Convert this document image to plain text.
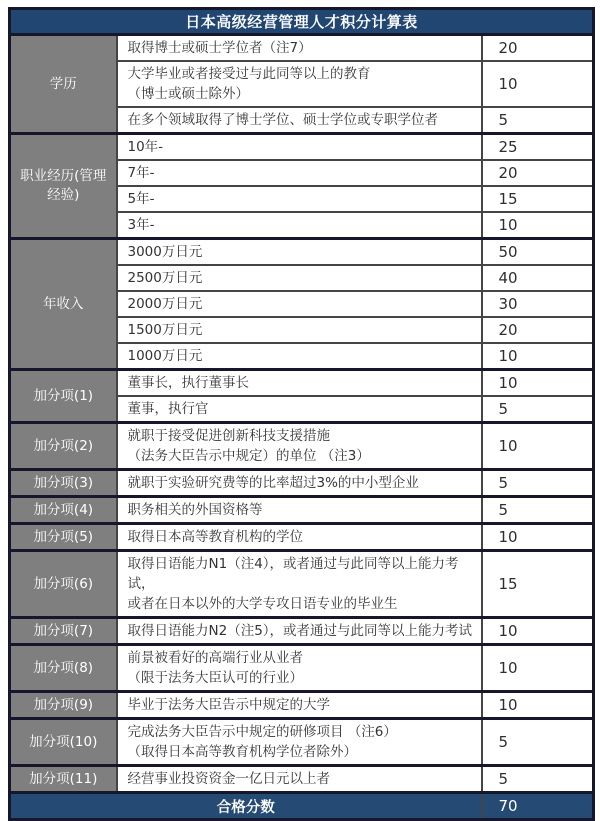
日本高级经营管理人才积分计算表		
学历	取得博士或硕士学位者（注7）	20

	大学毕业或者接受过与此同等以上的教育
（博士或硕士除外）	10

	在多个领域取得了博士学位、硕士学位或专职学位者	5
职业经历(管理经验)	10年-	25

	7年-	20

	5年-	15

	3年-	10
年收入	3000万日元	50

	2500万日元	40

	2000万日元	30

	1500万日元	20

	1000万日元	10
加分项(1)	董事长，执行董事长	10

	董事，执行官	5
加分项(2)	就职于接受促进创新科技支援措施
（法务大臣告示中规定）的单位 （注3）	10
加分项(3)	就职于实验研究费等的比率超过3%的中小型企业	5
加分项(4)	职务相关的外国资格等	5
加分项(5)	取得日本高等教育机构的学位	10
加分项(6)	取得日语能力N1（注4），或者通过与此同等以上能力考试，
或者在日本以外的大学专攻日语专业的毕业生	15
加分项(7)	取得日语能力N2（注5），或者通过与此同等以上能力考试	10
加分项(8)	前景被看好的高端行业从业者
（限于法务大臣认可的行业）	10
加分项(9)	毕业于法务大臣告示中规定的大学	10
加分项(10)	完成法务大臣告示中规定的研修项目 （注6）
（取得日本高等教育机构学位者除外）	5
加分项(11)	经营事业投资资金一亿日元以上者	5
合格分数		70
